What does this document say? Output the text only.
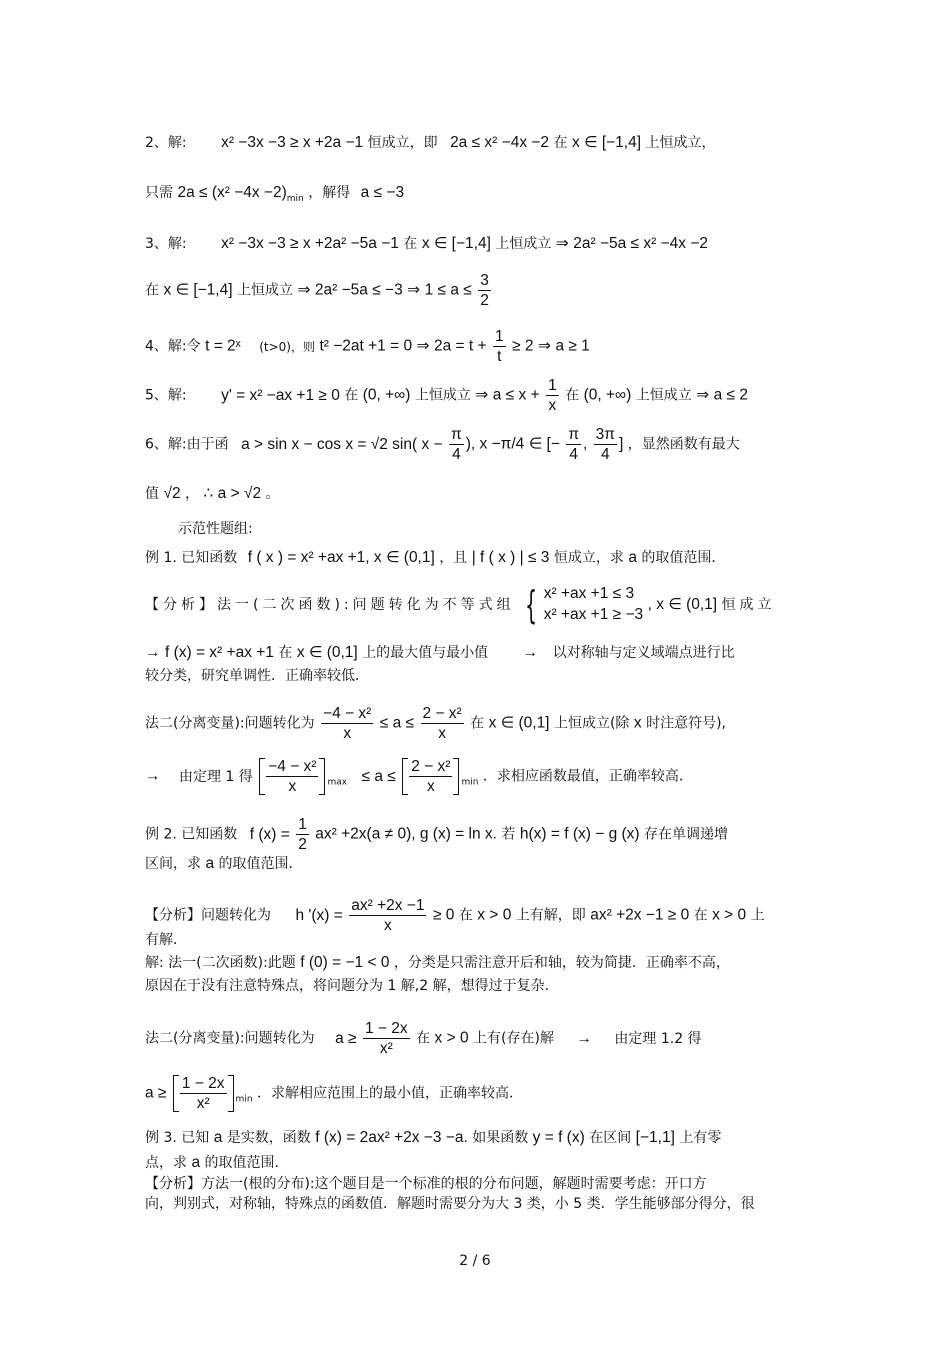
2、解: x² −3x −3 ≥ x +2a −1 恒成立，即 2a ≤ x² −4x −2 在 x ∈ [−1,4] 上恒成立，
只需 $2a \le (x^2 -4x -2)_{min}$ ，解得 a ≤ −3
3、解: x² −3x −3 ≥ x +2a² −5a −1 在 x ∈ [−1,4] 上恒成立 ⇒ 2a² −5a ≤ x² −4x −2
在 x ∈ [−1,4] 上恒成立 ⇒ 2a² −5a ≤ −3 ⇒ $1 \le a \le \frac{3}{2}$
4、解:令 t = 2ˣ (t>0)，则 t² −2at +1 = 0 ⇒ $2a = t + \frac{1}{t} \ge 2$ ⇒ a ≥ 1
5、解: y' = x² −ax +1 ≥ 0 在 (0, +∞) 上恒成立 ⇒ $a \le x + \frac{1}{x}$ 在 (0, +∞) 上恒成立 ⇒ a ≤ 2
6、解:由于函 a > sin x − cos x = √2 sin( $x - \frac{\pi}{4}$ ), x −π/4 ∈ [− $\frac{\pi}{4}$ , $\frac{3\pi}{4}$ ] ，显然函数有最大
值 √2 ， ∴ a > √2 。
示范性题组:
例 1. 已知函数 f ( x ) = x² +ax +1, x ∈ (0,1] ，且 | f ( x ) | ≤ 3 恒成立，求 a 的取值范围．
【分析】法一(二次函数):问题转化为不等式组 { x² +ax +1 ≤ 3
x² +ax +1 ≥ −3
, x ∈ (0,1] 恒成立
→ f (x) = x² +ax +1 在 x ∈ (0,1] 上的最大值与最小值 → 以对称轴与定义域端点进行比
较分类，研究单调性．正确率较低．
法二(分离变量):问题转化为 $\frac{\text{−4 − x²}}{x} \le a \le \frac{\text{2 − x²}}{x}$ 在 x ∈ (0,1] 上恒成立(除 x 时注意符号),
→ 由定理 1 得 $\frac{\text{−4 − x²}}{x} _{max} \le a \le \frac{\text{2 − x²}}{x} _{min}$ ．求相应函数最值，正确率较高．
例 2. 已知函数 f $(x) = \frac{1}{2} ax^2 +2x(a \ne 0)$, g (x) = ln x. 若 h(x) = f (x) − g (x) 存在单调递增
区间，求 a 的取值范围．
【分析】问题转化为 h '$(x) = \frac{\text{ax² +2x −1}}{x} \ge 0$ 在 x > 0 上有解，即 ax² +2x −1 ≥ 0 在 x > 0 上
有解．
解: 法一(二次函数):此题 f (0) = −1 < 0 ，分类是只需注意开后和轴，较为简捷．正确率不高，
原因在于没有注意特殊点，将问题分为 1 解,2 解，想得过于复杂．
法二(分离变量):问题转化为 $a \ge \frac{1 - 2x}{\text{x²}}$ 在 x > 0 上有(存在)解 → 由定理 1.2 得
$a \ge \frac{1 - 2x}{\text{x²}} _{min}$ ．求解相应范围上的最小值，正确率较高．
例 3. 已知 a 是实数，函数 f (x) = 2ax² +2x −3 −a. 如果函数 y = f (x) 在区间 [−1,1] 上有零
点，求 a 的取值范围．
【分析】方法一(根的分布):这个题目是一个标准的根的分布问题，解题时需要考虑：开口方
向，判别式，对称轴，特殊点的函数值．解题时需要分为大 3 类，小 5 类．学生能够部分得分，很
2 / 6
